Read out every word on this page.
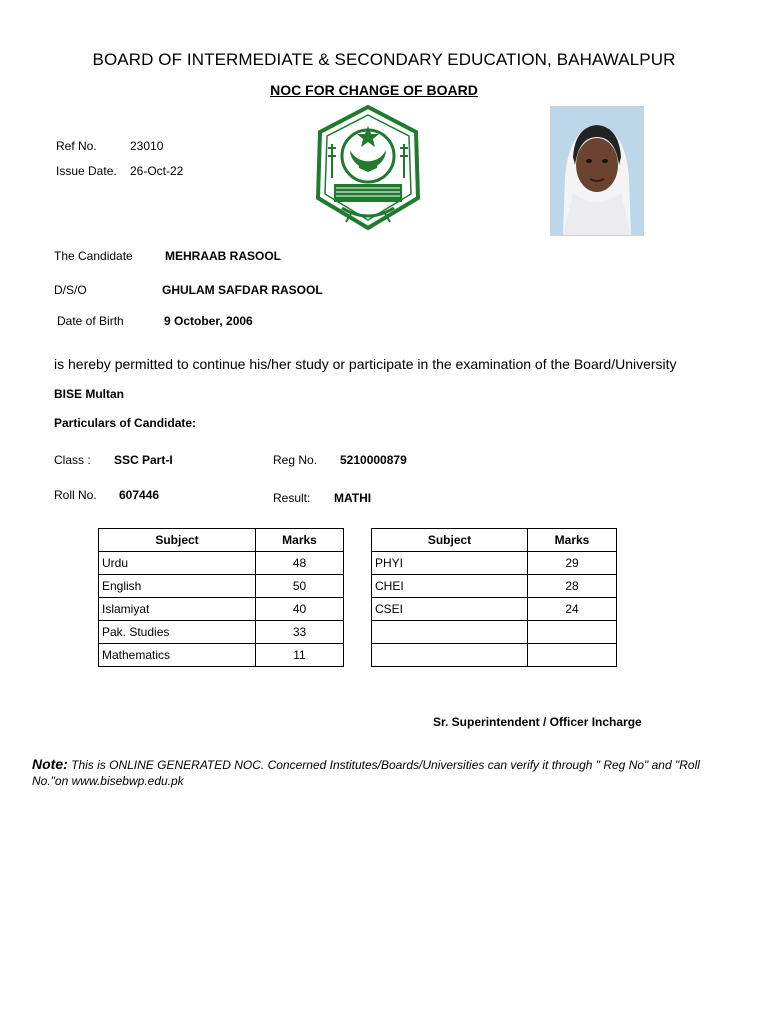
BOARD OF INTERMEDIATE & SECONDARY EDUCATION, BAHAWALPUR
NOC FOR CHANGE OF BOARD
Ref No.	23010
Issue Date. 26-Oct-22
The Candidate	MEHRAAB RASOOL
D/S/O	GHULAM SAFDAR RASOOL
Date of Birth	9 October, 2006
is hereby permitted to continue his/her study or participate in the examination of the Board/University
BISE Multan
Particulars of Candidate:
Class : SSC Part-I	Reg No. 5210000879
Roll No. 607446	Result: MATHI
Subject	Marks
Urdu	48
English	50
Islamiyat	40
Pak. Studies	33
Mathematics	11
Subject	Marks
PHYI	29
CHEI	28
CSEI	24

Sr. Superintendent / Officer Incharge
Note: This is ONLINE GENERATED NOC. Concerned Institutes/Boards/Universities can verify it through " Reg No" and "Roll No."on www.bisebwp.edu.pk
